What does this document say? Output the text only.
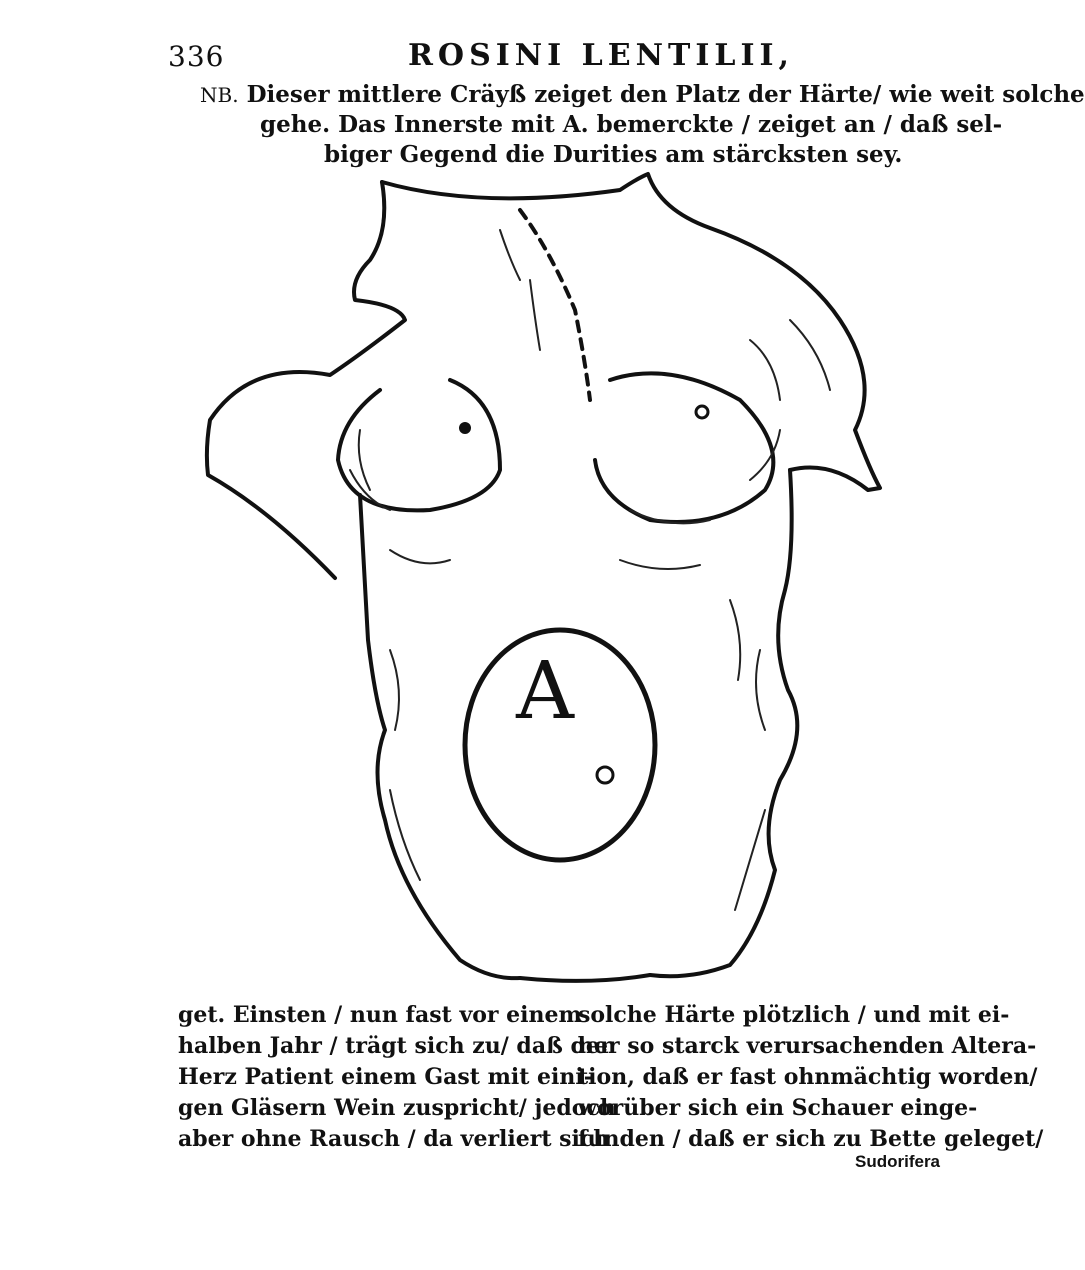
336	ROSINI LENTILII,
NB. Dieser mittlere Cräyß zeiget den Platz der Härte/ wie weit solche
gehe. Das Innerste mit A. bemerckte / zeiget an / daß sel-
biger Gegend die Durities am stärcksten sey.
A
get. Einsten / nun fast vor einem
halben Jahr / trägt sich zu/ daß der
Herz Patient einem Gast mit eini-
gen Gläsern Wein zuspricht/ jedoch
aber ohne Rausch / da verliert sich
solche Härte plötzlich / und mit ei-
ner so starck verursachenden Altera-
tion, daß er fast ohnmächtig worden/
worüber sich ein Schauer einge-
funden / daß er sich zu Bette geleget/
Sudorifera
